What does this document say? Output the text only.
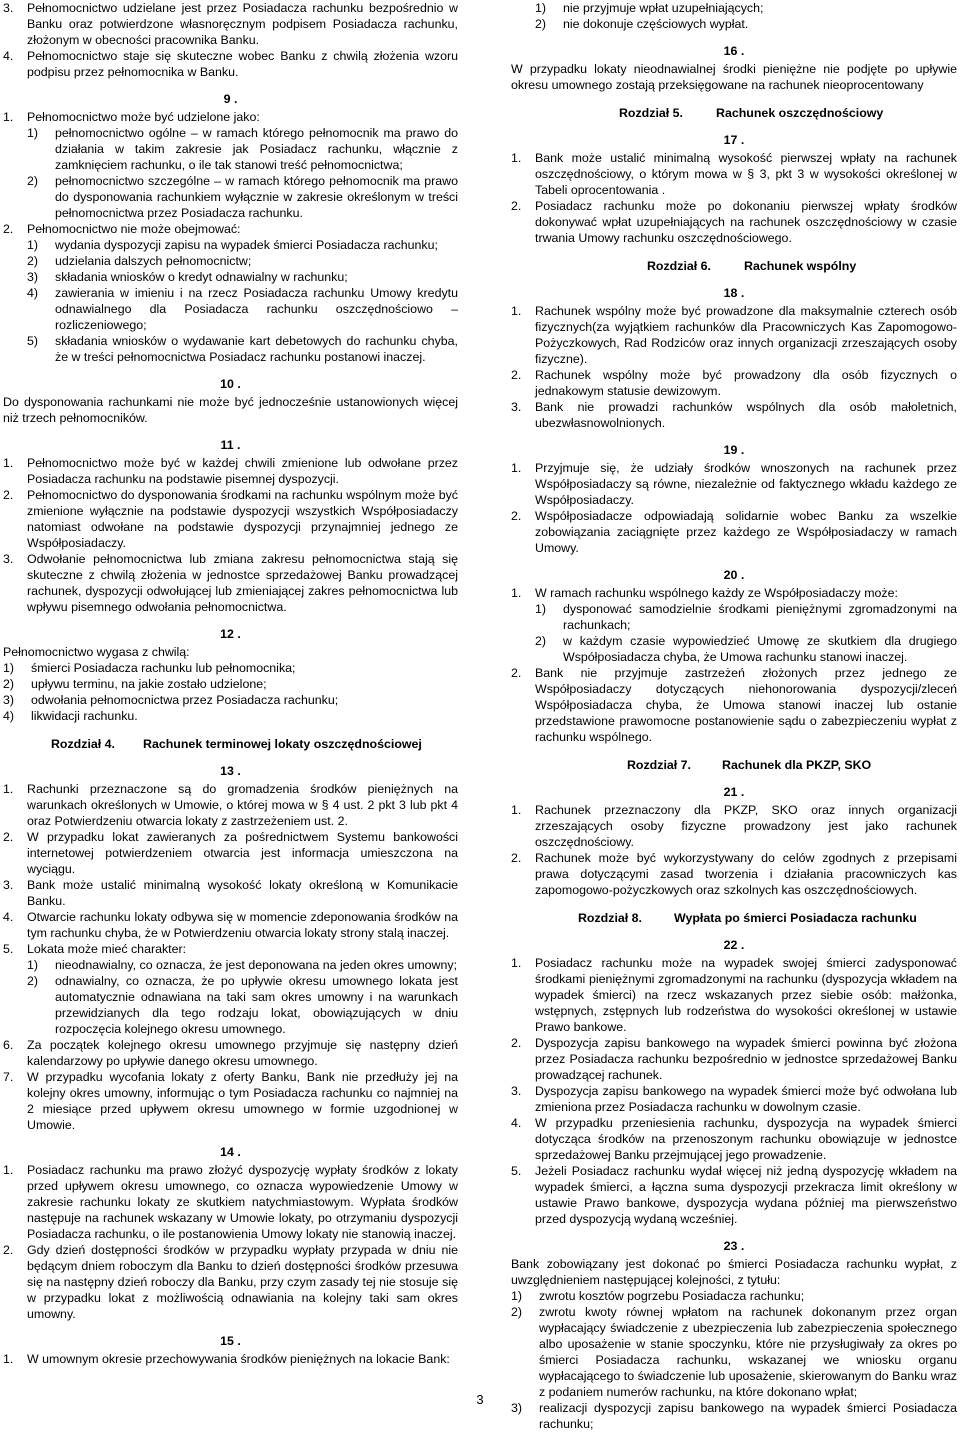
3.	Pełnomocnictwo udzielane jest przez Posiadacza rachunku bezpośrednio w Banku oraz potwierdzone własnoręcznym podpisem Posiadacza rachunku, złożonym w obecności pracownika Banku.
4.	Pełnomocnictwo staje się skuteczne wobec Banku z chwilą złożenia wzoru podpisu przez pełnomocnika w Banku.
9 .
1.	Pełnomocnictwo może być udzielone jako:
1)	pełnomocnictwo ogólne – w ramach którego pełnomocnik ma prawo do działania w takim zakresie jak Posiadacz rachunku, włącznie z zamknięciem rachunku, o ile tak stanowi treść pełnomocnictwa;
2)	pełnomocnictwo szczególne – w ramach którego pełnomocnik ma prawo do dysponowania rachunkiem wyłącznie w zakresie określonym w treści pełnomocnictwa przez Posiadacza rachunku.
2.	Pełnomocnictwo nie może obejmować:
1)	wydania dyspozycji zapisu na wypadek śmierci Posiadacza rachunku;
2)	udzielania dalszych pełnomocnictw;
3)	składania wniosków o kredyt odnawialny w rachunku;
4)	zawierania w imieniu i na rzecz Posiadacza rachunku Umowy kredytu odnawialnego dla Posiadacza rachunku oszczędnościowo –rozliczeniowego;
5)	składania wniosków o wydawanie kart debetowych do rachunku chyba, że w treści pełnomocnictwa Posiadacz rachunku postanowi inaczej.
10 .

Do dysponowania rachunkami nie może być jednocześnie ustanowionych więcej niż trzech pełnomocników.

11 .
1.	Pełnomocnictwo może być w każdej chwili zmienione lub odwołane przez Posiadacza rachunku na podstawie pisemnej dyspozycji.
2.	Pełnomocnictwo do dysponowania środkami na rachunku wspólnym może być zmienione wyłącznie na podstawie dyspozycji wszystkich Współposiadaczy natomiast odwołane na podstawie dyspozycji przynajmniej jednego ze Współposiadaczy.
3.	Odwołanie pełnomocnictwa lub zmiana zakresu pełnomocnictwa stają się skuteczne z chwilą złożenia w jednostce sprzedażowej Banku prowadzącej rachunek, dyspozycji odwołującej lub zmieniającej zakres pełnomocnictwa lub wpływu pisemnego odwołania pełnomocnictwa.
12 .

Pełnomocnictwo wygasa z chwilą:

1)	śmierci Posiadacza rachunku lub pełnomocnika;
2)	upływu terminu, na jakie zostało udzielone;
3)	odwołania pełnomocnictwa przez Posiadacza rachunku;
4)	likwidacji rachunku.
Rozdział 4.	Rachunek terminowej lokaty oszczędnościowej
13 .
1.	Rachunki przeznaczone są do gromadzenia środków pieniężnych na warunkach określonych w Umowie, o której mowa w § 4 ust. 2 pkt 3 lub pkt 4 oraz Potwierdzeniu otwarcia lokaty z zastrzeżeniem ust. 2.
2.	W przypadku lokat zawieranych za pośrednictwem Systemu bankowości internetowej potwierdzeniem otwarcia jest informacja umieszczona na wyciągu.
3.	Bank może ustalić minimalną wysokość lokaty określoną w Komunikacie Banku.
4.	Otwarcie rachunku lokaty odbywa się w momencie zdeponowania środków na tym rachunku chyba, że w Potwierdzeniu otwarcia lokaty strony stalą inaczej.
5.	Lokata może mieć charakter:
1)	nieodnawialny, co oznacza, że jest deponowana na jeden okres umowny;
2)	odnawialny, co oznacza, że po upływie okresu umownego lokata jest automatycznie odnawiana na taki sam okres umowny i na warunkach przewidzianych dla tego rodzaju lokat, obowiązujących w dniu rozpoczęcia kolejnego okresu umownego.
6.	Za początek kolejnego okresu umownego przyjmuje się następny dzień kalendarzowy po upływie danego okresu umownego.
7.	W przypadku wycofania lokaty z oferty Banku, Bank nie przedłuży jej na kolejny okres umowny, informując o tym Posiadacza rachunku co najmniej na 2 miesiące przed upływem okresu umownego w formie uzgodnionej w Umowie.
14 .
1.	Posiadacz rachunku ma prawo złożyć dyspozycję wypłaty środków z lokaty przed upływem okresu umownego, co oznacza wypowiedzenie Umowy w zakresie rachunku lokaty ze skutkiem natychmiastowym. Wypłata środków następuje na rachunek wskazany w Umowie lokaty, po otrzymaniu dyspozycji Posiadacza rachunku, o ile postanowienia Umowy lokaty nie stanowią inaczej.
2.	Gdy dzień dostępności środków w przypadku wypłaty przypada w dniu nie będącym dniem roboczym dla Banku to dzień dostępności środków przesuwa się na następny dzień roboczy dla Banku, przy czym zasady tej nie stosuje się w przypadku lokat z możliwością odnawiania na kolejny taki sam okres umowny.
15 .
1.	W umownym okresie przechowywania środków pieniężnych na lokacie Bank:
1)	nie przyjmuje wpłat uzupełniających;
2)	nie dokonuje częściowych wypłat.
16 .

W przypadku lokaty nieodnawialnej środki pieniężne nie podjęte po upływie okresu umownego zostają przeksięgowane na rachunek nieoprocentowany

Rozdział 5.	Rachunek oszczędnościowy
17 .
1.	Bank może ustalić minimalną wysokość pierwszej wpłaty na rachunek oszczędnościowy, o którym mowa w § 3, pkt 3 w wysokości określonej w Tabeli oprocentowania .
2.	Posiadacz rachunku może po dokonaniu pierwszej wpłaty środków dokonywać wpłat uzupełniających na rachunek oszczędnościowy w czasie trwania Umowy rachunku oszczędnościowego.
Rozdział 6.	Rachunek wspólny
18 .
1.	Rachunek wspólny może być prowadzone dla maksymalnie czterech osób fizycznych(za wyjątkiem rachunków dla Pracowniczych Kas Zapomogowo-Pożyczkowych, Rad Rodziców oraz innych organizacji zrzeszających osoby fizyczne).
2.	Rachunek wspólny może być prowadzony dla osób fizycznych o jednakowym statusie dewizowym.
3.	Bank nie prowadzi rachunków wspólnych dla osób małoletnich, ubezwłasnowolnionych.
19 .
1.	Przyjmuje się, że udziały środków wnoszonych na rachunek przez Współposiadaczy są równe, niezależnie od faktycznego wkładu każdego ze Współposiadaczy.
2.	Współposiadacze odpowiadają solidarnie wobec Banku za wszelkie zobowiązania zaciągnięte przez każdego ze Współposiadaczy w ramach Umowy.
20 .
1.	W ramach rachunku wspólnego każdy ze Współposiadaczy może:
1)	dysponować samodzielnie środkami pieniężnymi zgromadzonymi na rachunkach;
2)	w każdym czasie wypowiedzieć Umowę ze skutkiem dla drugiego Współposiadacza chyba, że Umowa rachunku stanowi inaczej.
2.	Bank nie przyjmuje zastrzeżeń złożonych przez jednego ze Współposiadaczy dotyczących niehonorowania dyspozycji/zleceń Współposiadacza chyba, że Umowa stanowi inaczej lub ostanie przedstawione prawomocne postanowienie sądu o zabezpieczeniu wypłat z rachunku wspólnego.
Rozdział 7.	Rachunek dla PKZP, SKO
21 .
1.	Rachunek przeznaczony dla PKZP, SKO oraz innych organizacji zrzeszających osoby fizyczne prowadzony jest jako rachunek oszczędnościowy.
2.	Rachunek może być wykorzystywany do celów zgodnych z przepisami prawa dotyczącymi zasad tworzenia i działania pracowniczych kas zapomogowo-pożyczkowych oraz szkolnych kas oszczędnościowych.
Rozdział 8.	Wypłata po śmierci Posiadacza rachunku
22 .
1.	Posiadacz rachunku może na wypadek swojej śmierci zadysponować środkami pieniężnymi zgromadzonymi na rachunku (dyspozycja wkładem na wypadek śmierci) na rzecz wskazanych przez siebie osób: małżonka, wstępnych, zstępnych lub rodzeństwa do wysokości określonej w ustawie Prawo bankowe.
2.	Dyspozycja zapisu bankowego na wypadek śmierci powinna być złożona przez Posiadacza rachunku bezpośrednio w jednostce sprzedażowej Banku prowadzącej rachunek.
3.	Dyspozycja zapisu bankowego na wypadek śmierci może być odwołana lub zmieniona przez Posiadacza rachunku w dowolnym czasie.
4.	W przypadku przeniesienia rachunku, dyspozycja na wypadek śmierci dotycząca środków na przenoszonym rachunku obowiązuje w jednostce sprzedażowej Banku przejmującej jego prowadzenie.
5.	Jeżeli Posiadacz rachunku wydał więcej niż jedną dyspozycję wkładem na wypadek śmierci, a łączna suma dyspozycji przekracza limit określony w ustawie Prawo bankowe, dyspozycja wydana później ma pierwszeństwo przed dyspozycją wydaną wcześniej.
23 .

Bank zobowiązany jest dokonać po śmierci Posiadacza rachunku wypłat, z uwzględnieniem następującej kolejności, z tytułu:

1)	zwrotu kosztów pogrzebu Posiadacza rachunku;
2)	zwrotu kwoty równej wpłatom na rachunek dokonanym przez organ wypłacający świadczenie z ubezpieczenia lub zabezpieczenia społecznego albo uposażenie w stanie spoczynku, które nie przysługiwały za okres po śmierci Posiadacza rachunku, wskazanej we wniosku organu wypłacającego to świadczenie lub uposażenie, skierowanym do Banku wraz z podaniem numerów rachunku, na które dokonano wpłat;
3)	realizacji dyspozycji zapisu bankowego na wypadek śmierci Posiadacza rachunku;
3
